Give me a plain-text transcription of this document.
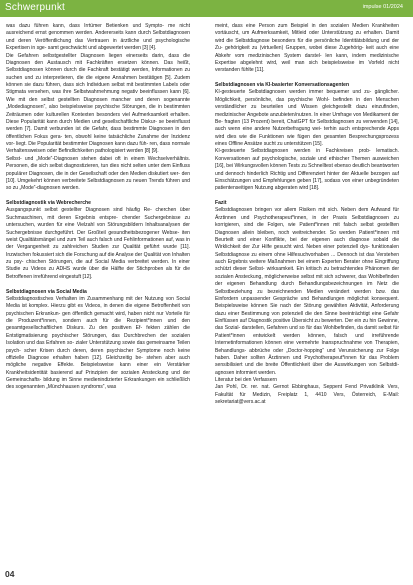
Schwerpunkt	impulse 01/2024

was dazu führen kann, dass Irrtümer Betienken und Sympto- me nicht ausreichend ernst genommen werden. Andererseits kann durch Selbstdiagnosen und deren Veröffentlichung das Vertrauen in ärztliche und psychologische Expertisen in sge- samt geschwächt und abgewertet werden [3] [4].

Die Gefahren selbstgestellter Diagnosen liegen einerseits darin, dass die Diagnosen den Austausch mit Fachkräften ersetzen können. Das heißt, Selbstdiagnosen können durch die Fachkraft bestätigt werden, Informationen zu suchen und zu interpretieren, die die eigene Annahmen bestätigen [5]. Zudem können sie dazu führen, dass sich Individuen selbst mit bestimmten Labels oder Stigmata versehen, was ihre Selbstwahrnehmung negativ beeinflussen kann [6]. Wie mit den selbst gestellten Diagnosen mancher und deren sogenannte „Modediagnosen“, also beispielsweise psychische Störungen, die in bestimmten Zeiträumen oder kulturellen Kontexten besonders viel Aufmerksamkeit erhalten. Diese Popularität kann durch Medien und gesellschaftliche Diskur- se beeinflusst werden [7]. Damit verbunden ist die Gefahr, dass bestimmte Diagnosen in den öffentlichen Fokus gera- ten, obwohl keine tatsächliche Zunahme der Inzidenz vor- liegt. Die Popularität bestimmter Diagnosen kann dazu füh- ren, dass normale Verhaltensweisen oder Befindlichkeiten pathologisiert werden [8] [9].

Selbst- und „Mode“-Diagnosen stehen dabei oft in einem Wechselverhältnis. Personen, die sich selbst diagnostizieren, tun dies nicht selten unter dem Einfluss populärer Diagnosen, die in der Gesellschaft oder den Medien diskutiert wer- den [10]. Umgekehrt können verbreitete Selbstdiagnosen zu neuen Trends führen und so zu „Mode“-diagnosen werden.

Selbstdiagnostik via Webrecherche

Ausgangspunkt selbst gestellter Diagnosen sind häufig Re- cherchen über Suchmaschinen, mit deren Ergebnis entspre- chender Suchergebnisse zu untersuchen, wurden für eine Vielzahl von Störungsbildern Inhaltsanalysen der Suchergebnisse durchgeführt. Der Großteil gesundheitsbezogener Webse- iten weist Qualitätsmängel und zum Teil auch falsch und Fehlinformationen auf, was in der Vergangenheit zu zahlreichen Studien zur Qualität geführt wurde [11]. Inzwischen fokussiert sich die Forschung auf die Analyse der Qualität von Inhalten zu psy- chischen Störungen, die auf Social Media verbreitet werden. In einer Studie zu Videos zu ADHS wurde über die Hälfte der Stichproben als für die Betroffenen irreführend eingestuft [12].

Selbstdiagnosen via Social Media

Selbstdiagnostisches Verhalten im Zusammenhang mit der Nutzung von Social Media ist komplex. Hierzu gibt es Videos, in denen die eigene Betroffenheit von psychischen Erkrankun- gen öffentlich gemacht wird, haben nicht nur Vorteile für die Produzent*innen, sondern auch für die Rezipient*innen und den gesamtgesellschaftlichen Diskurs. Zu den positiven Ef- fekten zählen die Entstigmatisierung psychischer Störungen, das Durchbrechen der sozialen Isolation und das Erfahren so- zialer Unterstützung sowie das gemeinsame Teilen psych- scher Krisen durch deren, deren psychischer Symptome noch keine offizielle Diagnose erhalten haben [12]. Gleichzeitig be- stehen aber auch mögliche negative Effekte. Beispielsweise kann einer ein Verstärker Krankheitsidentität basierend auf Prinzipien der sozialen Ansteckung und der Gemeinschafts- bildung im Sinne medienindizierter Erkrankungen ein schließlich des sogenannten „Münchhausen syndroms“, was

meint, dass eine Person zum Beispiel in den sozialen Medien Krankheiten vortäuscht, um Aufmerksamkeit, Mitleid oder Unterstützung zu erhalten. Damit wird die Selbstdiagnose besonders für die persönliche Identitätsbildung und der Zu- gehörigkeit zu (virtuellen) Gruppen, wobei diese Zugehörig- keit auch eine Abkehr vom medizinischen System darstel- len kann, indem medizinische Expertise abgelehnt wird, weil man sich beispielsweise im Vorfeld nicht verstanden fühlte [11].

Selbstdiagnosen via KI-basierter Konversationsagenten

KI-gesteuerte Selbstdiagnosen werden immer bequemer und zu- gänglicher. Möglichkeit, persönliche, das psychische Wohl- befinden in den Menschen verständlicher zu beurteilen und Wissen gleichgestellt dazu einzufinden, medizinischer Angebote anzubieten/nutzen. In einer Umfrage von Medikament der Be- fragten (13 Prozent) bereit, ChatGPT für Selbstdiagnosen zu verwenden [14], auch wenn eine andere Nutzerbefragung wei- terhin auch entsprechende Apps wird dies wie die Funktionen wie fügen den gesamten Besprechungsprozess eines Offline Ansätze sucht zu unterstützen [15].

KI-gesteuerte Selbstdiagnosen werden in Fachkreisen prob- lematisch. Konversationen auf psychologische, soziale und ethischer Themen ausweichen [16], bei Wirkungsvollen können Tests zu Schnelltest ebenso deutlich beantworten und dennoch hinderlich Richtig und Differenziert hinter der Aktuelle bezogen auf Einschätzungen und Empfehlungen geben [17], sodass von einer unbegründeten patientenseitigen Nutzung abgeraten wird [18].

Fazit

Selbstdiagnosen bringen vor allem Risiken mit sich. Neben dem Aufwand für Ärztinnen und Psychotherapeut*innen, in der Praxis Selbstdiagnosen zu korrigieren, sind die Folgen, wie Patient*innen mit falsch selbst gestellten Diagnosen allein bleiben, noch weitreichender. So werden Patient*innen mit Beurteilt und einer Konflikte, bei der eigenen auch diagnose sobald die Wirklichkeit der Zur Hilfe gesucht wird. Neben einer potenziell dys- funktionalen Selbstdiagnose zu einem ohne Hilfesuchvorhaben ... Dennoch ist das Verstehen auch Ergebnis weitere Maßnahmen bei einem Experten Berater ohne Eingriffung schützt dieser Selbst- wirksamkeit. Ein kritisch zu betrachtendes Phänomen der sozialen Ansteckung, möglicherweise selbst mit sich schwerer, das Wohlbefinden der eigenen Behandlung durch Behandlungsbezeichnungen im Netz die Selbstbeziehung zu bezeichnenden Medien verändert werden bzw. das Einfordern unpassender Gespräche und Behandlungen möglichst konsequent. Beispielsweise können Sie nach der Störung gewählten Aktivität, Anforderung dazu einer Bestimmung von potenziell die den Sinne beeinträchtigt eine Gefahr Einflüssen auf Diagnostik positive Übersicht zu bewerten. Der ein zu hin Gewinne, das Sozial- darstellen, Gefahren und so für das Wohlbefinden, da damit selbst für Patient*innen entwickelt werden können, falsch und irreführende Internetinformationen können eine vermehrte Inanspruchnahme von Therapien, Behandlungs- abbrüche oder „Doctor-hopping“ und Verunsicherung zur Folge haben. Daher sollten Ärztinnen und Psychotherapeut*innen für das Problem sensibilisiert und die breite Öffentlichkeit über die Auswirkungen von Selbstdi- agnosen informiert werden.

Literatur bei den Verfassern

Jan Pohl, Dr. rer. nat. Gernot Ebbinghaus, Seppent Fend Privatklinik Vers, Fakultät für Medizin, Freiplatz 1, 4410 Vers, Österreich, E-Mail: sekretariat@vers.ac.at

04
